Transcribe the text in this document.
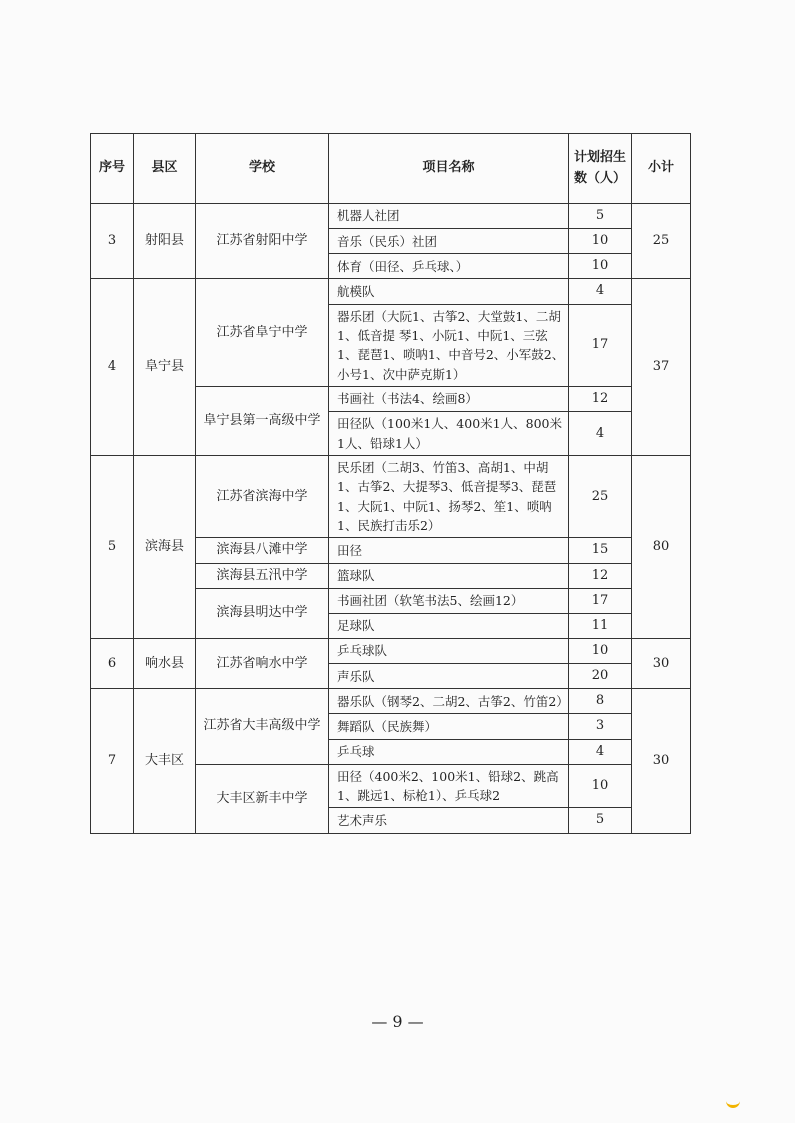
序号	县区	学校	项目名称	计划招生数（人）	小计
3	射阳县	江苏省射阳中学	机器人社团	5	25
			音乐（民乐）社团	10	
			体育（田径、乒乓球、）	10	
4	阜宁县	江苏省阜宁中学	航模队	4	37
			器乐团（大阮1、古筝2、大堂鼓1、二胡1、低音提 琴1、小阮1、中阮1、三弦1、琵琶1、唢呐1、中音号2、小军鼓2、小号1、次中萨克斯1）	17	
		阜宁县第一高级中学	书画社（书法4、绘画8）	12	
			田径队（100米1人、400米1人、800米1人、铅球1人）	4	
5	滨海县	江苏省滨海中学	民乐团（二胡3、竹笛3、高胡1、中胡1、古筝2、大提琴3、低音提琴3、琵琶1、大阮1、中阮1、扬琴2、笙1、唢呐1、民族打击乐2）	25	80
		滨海县八滩中学	田径	15	
		滨海县五汛中学	篮球队	12	
		滨海县明达中学	书画社团（软笔书法5、绘画12）	17	
			足球队	11	
6	响水县	江苏省响水中学	乒乓球队	10	30
			声乐队	20	
7	大丰区	江苏省大丰高级中学	器乐队（钢琴2、二胡2、古筝2、竹笛2）	8	30
			舞蹈队（民族舞）	3	
			乒乓球	4	
		大丰区新丰中学	田径（400米2、100米1、铅球2、跳高1、跳远1、标枪1）、乒乓球2	10	
			艺术声乐	5	
— 9 —
